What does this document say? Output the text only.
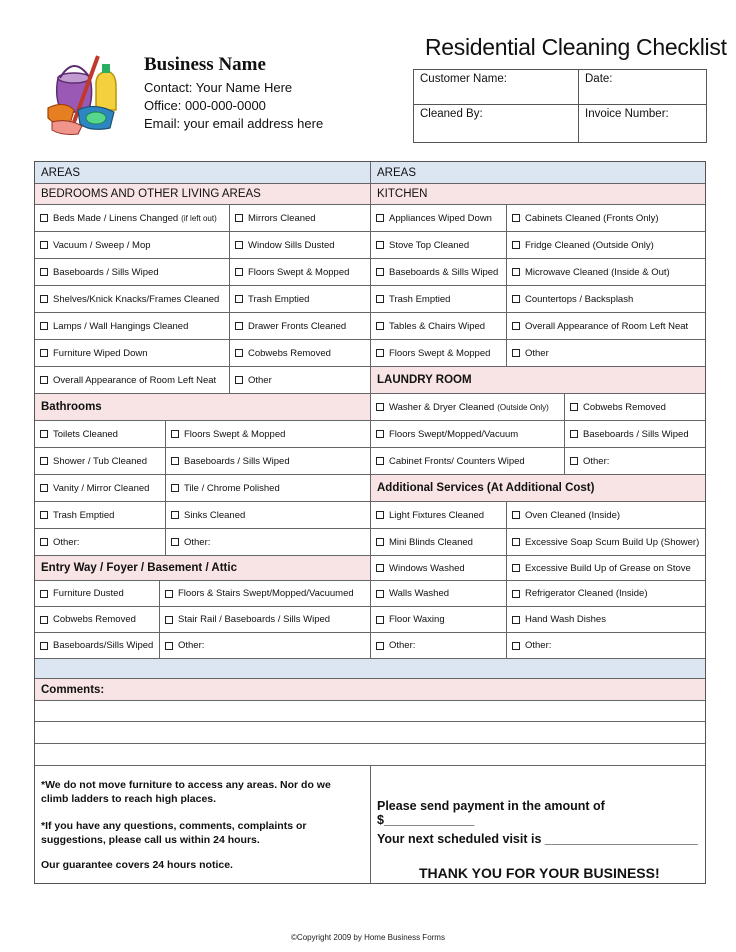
Business Name
Contact: Your Name Here
Office: 000-000-0000
Email: your email address here
Residential Cleaning Checklist
Customer Name:	Date:
Cleaned By:	Invoice Number:
AREAS
BEDROOMS AND OTHER LIVING AREAS
Beds Made / Linens Changed (if left out)	Mirrors Cleaned
Vacuum / Sweep / Mop	Window Sills Dusted
Baseboards / Sills Wiped	Floors Swept & Mopped
Shelves/Knick Knacks/Frames Cleaned	Trash Emptied
Lamps / Wall Hangings Cleaned	Drawer Fronts Cleaned
Furniture Wiped Down	Cobwebs Removed
Overall Appearance of Room Left Neat	Other
Bathrooms
Toilets Cleaned	Floors Swept & Mopped
Shower / Tub Cleaned	Baseboards / Sills Wiped
Vanity / Mirror Cleaned	Tile / Chrome Polished
Trash Emptied	Sinks Cleaned
Other:	Other:
Entry Way / Foyer / Basement / Attic
Furniture Dusted	Floors & Stairs Swept/Mopped/Vacuumed
Cobwebs Removed	Stair Rail / Baseboards / Sills Wiped
Baseboards/Sills Wiped	Other:
AREAS
KITCHEN
Appliances Wiped Down	Cabinets Cleaned (Fronts Only)
Stove Top Cleaned	Fridge Cleaned (Outside Only)
Baseboards & Sills Wiped	Microwave Cleaned (Inside & Out)
Trash Emptied	Countertops / Backsplash
Tables & Chairs Wiped	Overall Appearance of Room Left Neat
Floors Swept & Mopped	Other
LAUNDRY ROOM
Washer & Dryer Cleaned (Outside Only)	Cobwebs Removed
Floors Swept/Mopped/Vacuum	Baseboards / Sills Wiped
Cabinet Fronts/ Counters Wiped	Other:
Additional Services (At Additional Cost)
Light Fixtures Cleaned	Oven Cleaned (Inside)
Mini Blinds Cleaned	Excessive Soap Scum Build Up (Shower)
Windows Washed	Excessive Build Up of Grease on Stove
Walls Washed	Refrigerator Cleaned (Inside)
Floor Waxing	Hand Wash Dishes
Other:	Other:
Comments:
*We do not move furniture to access any areas. Nor do we
climb ladders to reach high places.
*If you have any questions, comments, complaints or
suggestions, please call us within 24 hours.
Our guarantee covers 24 hours notice.
Please send payment in the amount of $_____________
Your next scheduled visit is ______________________
THANK YOU FOR YOUR BUSINESS!
©Copyright 2009 by Home Business Forms
